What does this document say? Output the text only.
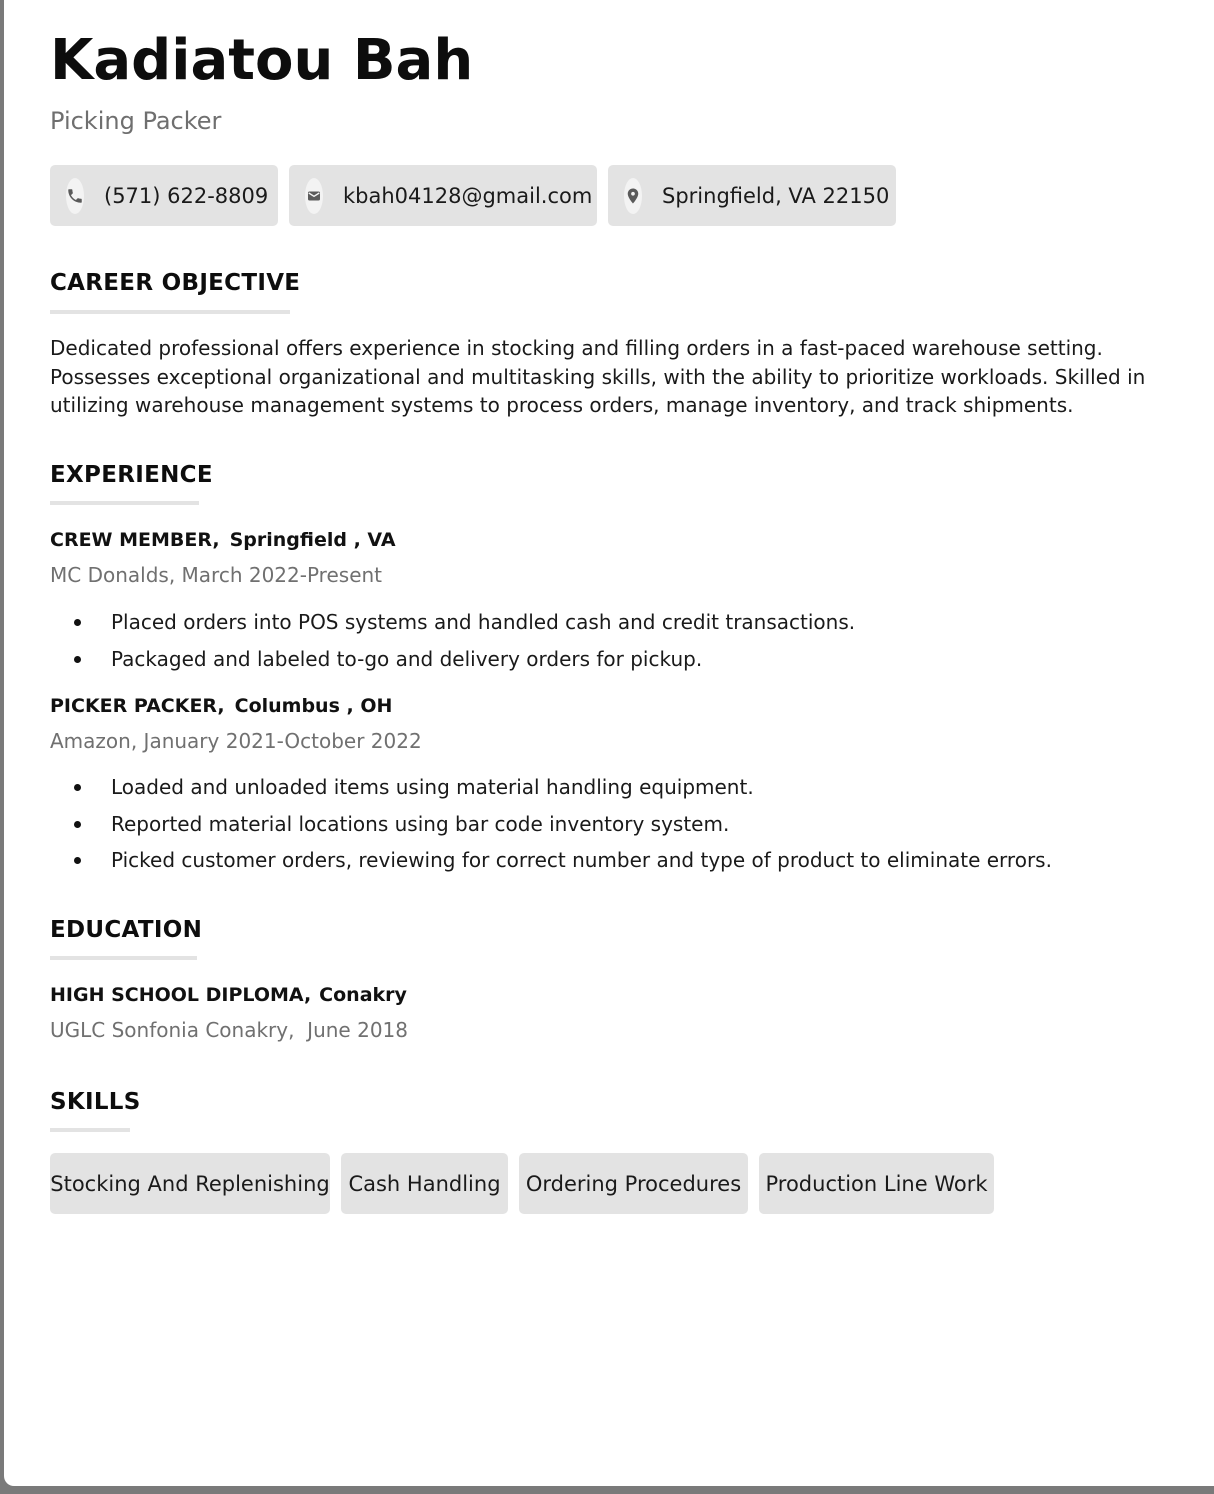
Kadiatou Bah
Picking Packer
(571) 622-8809	kbah04128@gmail.com	Springfield, VA 22150
CAREER OBJECTIVE
Dedicated professional offers experience in stocking and filling orders in a fast-paced warehouse setting. Possesses exceptional organizational and multitasking skills, with the ability to prioritize workloads. Skilled in utilizing warehouse management systems to process orders, manage inventory, and track shipments.
EXPERIENCE
CREW MEMBER, Springfield , VA
MC Donalds, March 2022-Present
Placed orders into POS systems and handled cash and credit transactions.
Packaged and labeled to-go and delivery orders for pickup.
PICKER PACKER, Columbus , OH
Amazon, January 2021-October 2022
Loaded and unloaded items using material handling equipment.
Reported material locations using bar code inventory system.
Picked customer orders, reviewing for correct number and type of product to eliminate errors.
EDUCATION
HIGH SCHOOL DIPLOMA, Conakry
UGLC Sonfonia Conakry,  June 2018
SKILLS
Stocking And Replenishing Cash Handling	Ordering Procedures	Production Line Work
